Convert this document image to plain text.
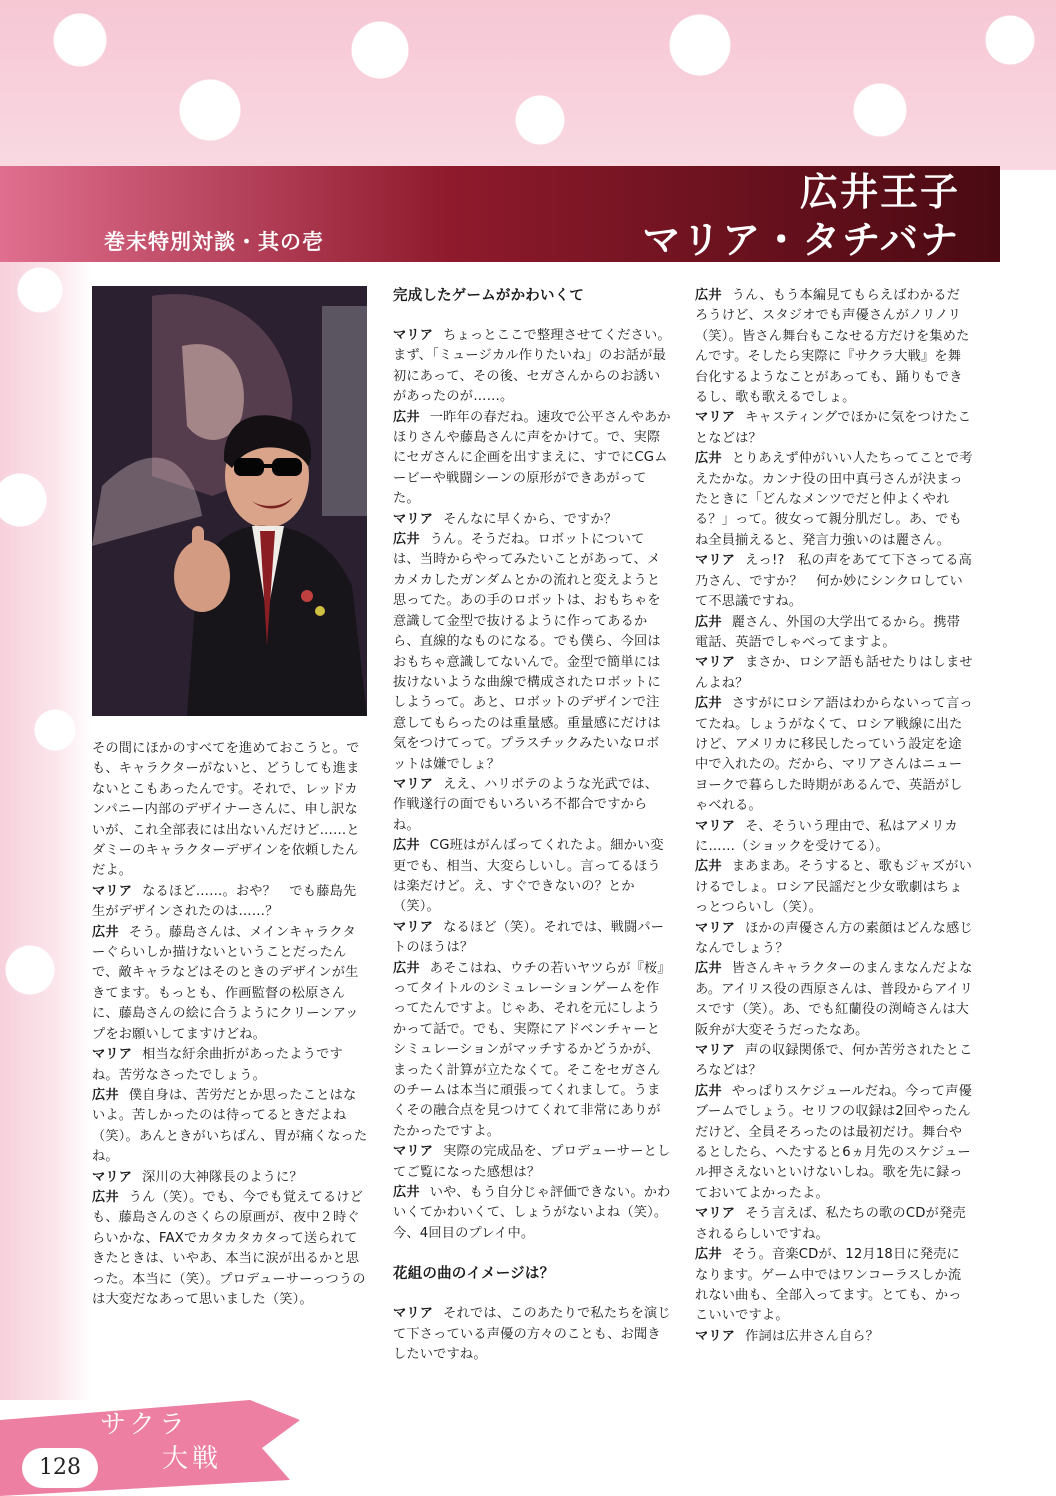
巻末特別対談・其の壱
広井王子
マリア・タチバナ

その間にほかのすべてを進めておこうと。でも、キャラクターがないと、どうしても進まないとこもあったんです。それで、レッドカンパニー内部のデザイナーさんに、申し訳ないが、これ全部表には出ないんだけど……とダミーのキャラクターデザインを依頼したんだよ。

マリア なるほど……。おや？　でも藤島先生がデザインされたのは……？

広井 そう。藤島さんは、メインキャラクターぐらいしか描けないということだったんで、敵キャラなどはそのときのデザインが生きてます。もっとも、作画監督の松原さんに、藤島さんの絵に合うようにクリーンアップをお願いしてますけどね。

マリア 相当な紆余曲折があったようですね。苦労なさったでしょう。

広井 僕自身は、苦労だとか思ったことはないよ。苦しかったのは待ってるときだよね（笑）。あんときがいちばん、胃が痛くなったね。

マリア 深川の大神隊長のように？

広井 うん（笑）。でも、今でも覚えてるけども、藤島さんのさくらの原画が、夜中２時ぐらいかな、FAXでカタカタカタって送られてきたときは、いやあ、本当に涙が出るかと思った。本当に（笑）。プロデューサーっつうのは大変だなあって思いました（笑）。

完成したゲームがかわいくて

マリア ちょっとここで整理させてください。まず、「ミュージカル作りたいね」のお話が最初にあって、その後、セガさんからのお誘いがあったのが……。

広井 一昨年の春だね。速攻で公平さんやあかほりさんや藤島さんに声をかけて。で、実際にセガさんに企画を出すまえに、すでにCGムービーや戦闘シーンの原形ができあがってた。

マリア そんなに早くから、ですか？

広井 うん。そうだね。ロボットについては、当時からやってみたいことがあって、メカメカしたガンダムとかの流れと変えようと思ってた。あの手のロボットは、おもちゃを意識して金型で抜けるように作ってあるから、直線的なものになる。でも僕ら、今回はおもちゃ意識してないんで。金型で簡単には抜けないような曲線で構成されたロボットにしようって。あと、ロボットのデザインで注意してもらったのは重量感。重量感にだけは気をつけてって。プラスチックみたいなロボットは嫌でしょ？

マリア ええ、ハリボテのような光武では、作戦遂行の面でもいろいろ不都合ですからね。

広井 CG班はがんばってくれたよ。細かい変更でも、相当、大変らしいし。言ってるほうは楽だけど。え、すぐできないの？とか（笑）。

マリア なるほど（笑）。それでは、戦闘パートのほうは？

広井 あそこはね、ウチの若いヤツらが『桜』ってタイトルのシミュレーションゲームを作ってたんですよ。じゃあ、それを元にしようかって話で。でも、実際にアドベンチャーとシミュレーションがマッチするかどうかが、まったく計算が立たなくて。そこをセガさんのチームは本当に頑張ってくれまして。うまくその融合点を見つけてくれて非常にありがたかったですよ。

マリア 実際の完成品を、プロデューサーとしてご覧になった感想は？

広井 いや、もう自分じゃ評価できない。かわいくてかわいくて、しょうがないよね（笑）。今、4回目のプレイ中。

花組の曲のイメージは？

マリア それでは、このあたりで私たちを演じて下さっている声優の方々のことも、お聞きしたいですね。

広井 うん、もう本編見てもらえばわかるだろうけど、スタジオでも声優さんがノリノリ（笑）。皆さん舞台もこなせる方だけを集めたんです。そしたら実際に『サクラ大戦』を舞台化するようなことがあっても、踊りもできるし、歌も歌えるでしょ。

マリア キャスティングでほかに気をつけたことなどは？

広井 とりあえず仲がいい人たちってことで考えたかな。カンナ役の田中真弓さんが決まったときに「どんなメンツでだと仲よくやれる？」って。彼女って親分肌だし。あ、でもね全員揃えると、発言力強いのは麗さん。

マリア えっ!?　私の声をあてて下さってる高乃さん、ですか？　何か妙にシンクロしていて不思議ですね。

広井 麗さん、外国の大学出てるから。携帯電話、英語でしゃべってますよ。

マリア まさか、ロシア語も話せたりはしませんよね？

広井 さすがにロシア語はわからないって言ってたね。しょうがなくて、ロシア戦線に出たけど、アメリカに移民したっていう設定を途中で入れたの。だから、マリアさんはニューヨークで暮らした時期があるんで、英語がしゃべれる。

マリア そ、そういう理由で、私はアメリカに……（ショックを受けてる）。

広井 まあまあ。そうすると、歌もジャズがいけるでしょ。ロシア民謡だと少女歌劇はちょっとつらいし（笑）。

マリア ほかの声優さん方の素顔はどんな感じなんでしょう？

広井 皆さんキャラクターのまんまなんだよなあ。アイリス役の西原さんは、普段からアイリスです（笑）。あ、でも紅蘭役の渕崎さんは大阪弁が大変そうだったなあ。

マリア 声の収録関係で、何か苦労されたところなどは？

広井 やっぱりスケジュールだね。今って声優ブームでしょう。セリフの収録は2回やったんだけど、全員そろったのは最初だけ。舞台やるとしたら、へたすると6ヵ月先のスケジュール押さえないといけないしね。歌を先に録っておいてよかったよ。

マリア そう言えば、私たちの歌のCDが発売されるらしいですね。

広井 そう。音楽CDが、12月18日に発売になります。ゲーム中ではワンコーラスしか流れない曲も、全部入ってます。とても、かっこいいですよ。

マリア 作詞は広井さん自ら？

サクラ
大戦
128
